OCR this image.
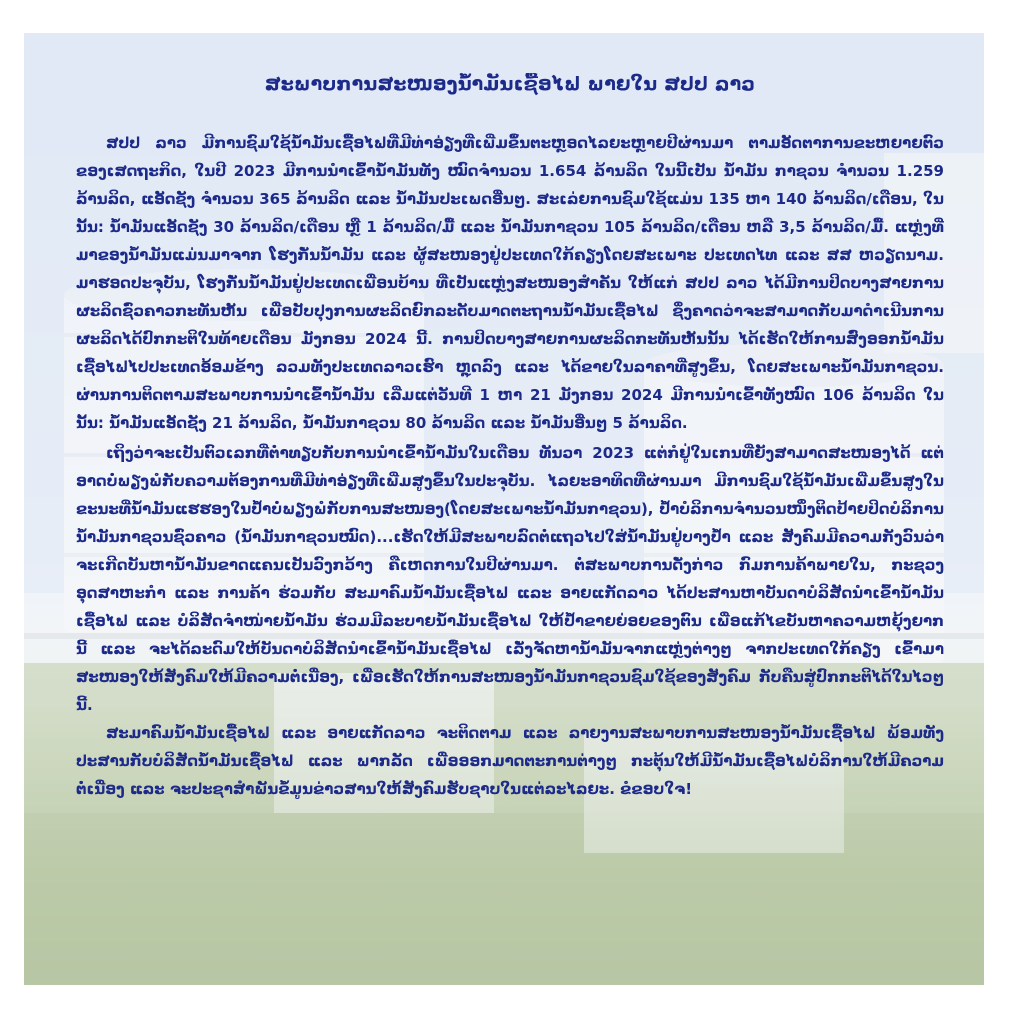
ສະພາບການສະໜອງນ້ຳມັນເຊື້ອໄຟ ພາຍໃນ ສປປ ລາວ

ສປປ ລາວ ມີການຊົມໃຊ້ນ້ຳມັນເຊື້ອໄຟທີ່ມີທ່າອ່ຽງທີ່ເພີ່ມຂຶ້ນຕະຫຼອດໄລຍະຫຼາຍປີຜ່ານມາ ຕາມອັດຕາການຂະຫຍາຍຕົວຂອງເສດຖະກິດ, ໃນປີ 2023 ມີການນຳເຂົ້ານ້ຳມັນທັງ ໝົດຈຳນວນ 1.654 ລ້ານລິດ ໃນນີ້ເປັນ ນ້ຳມັນ ກາຊວນ ຈຳນວນ 1.259 ລ້ານລິດ, ແອັດຊັງ ຈຳນວນ 365 ລ້ານລິດ ແລະ ນ້ຳມັນປະເພດອື່ນໆ. ສະເລ່ຍການຊົມໃຊ້ແມ່ນ 135 ຫາ 140 ລ້ານລິດ/ເດືອນ, ໃນນັ້ນ: ນ້ຳມັນແອັດຊັງ 30 ລ້ານລິດ/ເດືອນ ຫຼື 1 ລ້ານລິດ/ມື້ ແລະ ນ້ຳມັນກາຊວນ 105 ລ້ານລິດ/ເດືອນ ຫລື 3,5 ລ້ານລິດ/ມື້. ແຫຼ່ງທີ່ມາຂອງນ້ຳມັນແມ່ນມາຈາກ ໂຮງກັ່ນນ້ຳມັນ ແລະ ຜູ້ສະໜອງຢູ່ປະເທດໃກ້ຄຽງໂດຍສະເພາະ ປະເທດໄທ ແລະ ສສ ຫວຽດນາມ. ມາຮອດປະຈຸບັນ, ໂຮງກັ່ນນ້ຳມັນຢູ່ປະເທດເພື່ອນບ້ານ ທີ່ເປັນແຫຼ່ງສະໜອງສຳຄັນ ໃຫ້ແກ່ ສປປ ລາວ ໄດ້ມີການປິດບາງສາຍການຜະລິດຊົ່ວຄາວກະທັນຫັນ ເພື່ອປັບປຸງການຜະລິດຍົກລະດັບມາດຕະຖານນ້ຳມັນເຊື້ອໄຟ ຊຶ່ງຄາດວ່າຈະສາມາດກັບມາດຳເນີນການຜະລິດໄດ້ປົກກະຕິໃນທ້າຍເດືອນ ມັງກອນ 2024 ນີ້. ການປິດບາງສາຍການຜະລິດກະທັນຫັນນັ້ນ ໄດ້ເຮັດໃຫ້ການສົ່ງອອກນ້ຳມັນເຊື້ອໄຟໄປປະເທດອ້ອມຂ້າງ ລວມທັງປະເທດລາວເຮົາ ຫຼຸດລົງ ແລະ ໄດ້ຂາຍໃນລາຄາທີ່ສູງຂຶ້ນ, ໂດຍສະເພາະນ້ຳມັນກາຊວນ. ຜ່ານການຕິດຕາມສະພາບການນຳເຂົ້ານ້ຳມັນ ເລີ່ມແຕ່ວັນທີ 1 ຫາ 21 ມັງກອນ 2024 ມີການນຳເຂົ້າທັງໝົດ 106 ລ້ານລິດ ໃນນັ້ນ: ນ້ຳມັນແອັດຊັງ 21 ລ້ານລິດ, ນ້ຳມັນກາຊວນ 80 ລ້ານລິດ ແລະ ນ້ຳມັນອື່ນໆ 5 ລ້ານລິດ.

ເຖິງວ່າຈະເປັນຕົວເລກທີ່ຕ່ຳທຽບກັບການນຳເຂົ້ານ້ຳມັນໃນເດືອນ ທັນວາ 2023 ແຕ່ກໍຢູ່ໃນເກນທີ່ຍັງສາມາດສະໜອງໄດ້ ແຕ່ອາດບໍ່ພຽງພໍກັບຄວາມຕ້ອງການທີ່ມີທ່າອ່ຽງທີ່ເພີ່ມສູງຂຶ້ນໃນປະຈຸບັນ. ໄລຍະອາທິດທີ່ຜ່ານມາ ມີການຊົມໃຊ້ນ້ຳມັນເພີ່ມຂຶ້ນສູງໃນຂະນະທີ່ນ້ຳມັນແຮຮອງໃນປ້ຳບໍ່ພຽງພໍກັບການສະໜອງ(ໂດຍສະເພາະນ້ຳມັນກາຊວນ), ປ້ຳບໍລິການຈຳນວນໜຶ່ງຕິດປ້າຍປິດບໍລິການນ້ຳມັນກາຊວນຊົ່ວຄາວ (ນ້ຳມັນກາຊວນໝົດ)...ເຮັດໃຫ້ມີສະພາບລົດຕໍ່ແຖວໄປໃສ່ນ້ຳມັນຢູ່ບາງປ້ຳ ແລະ ສັງຄົມມີຄວາມກັງວົນວ່າຈະເກີດບັນຫານ້ຳມັນຂາດແຄນເປັນວົງກວ້າງ ຄືເຫດການໃນປີຜ່ານມາ. ຕໍ່ສະພາບການດັ່ງກ່າວ ກົມການຄ້າພາຍໃນ, ກະຊວງ ອຸດສາຫະກຳ ແລະ ການຄ້າ ຮ່ວມກັບ ສະມາຄົມນ້ຳມັນເຊື້ອໄຟ ແລະ ອາຍແກັດລາວ ໄດ້ປະສານຫາບັນດາບໍລິສັດນຳເຂົ້ານ້ຳມັນເຊື້ອໄຟ ແລະ ບໍລິສັດຈຳໜ່າຍນ້ຳມັນ ຮ່ວມມີລະບາຍນ້ຳມັນເຊື້ອໄຟ ໃຫ້ປ້ຳຂາຍຍ່ອຍຂອງຕົນ ເພື່ອແກ້ໄຂບັນຫາຄວາມຫຍຸ້ງຍາກນີ້ ແລະ ຈະໄດ້ລະດົມໃຫ້ບັນດາບໍລິສັດນຳເຂົ້ານ້ຳມັນເຊື້ອໄຟ ເລັ່ງຈັດຫານ້ຳມັນຈາກແຫຼ່ງຕ່າງໆ ຈາກປະເທດໃກ້ຄຽງ ເຂົ້າມາສະໜອງໃຫ້ສັງຄົມໃຫ້ມີຄວາມຕໍ່ເນື່ອງ, ເພື່ອເຮັດໃຫ້ການສະໜອງນ້ຳມັນກາຊວນຊົມໃຊ້ຂອງສັງຄົມ ກັບຄືນສູ່ປົກກະຕິໄດ້ໃນໄວໆນີ້.

ສະມາຄົມນ້ຳມັນເຊື້ອໄຟ ແລະ ອາຍແກັດລາວ ຈະຕິດຕາມ ແລະ ລາຍງານສະພາບການສະໜອງນ້ຳມັນເຊື້ອໄຟ ພ້ອມທັງປະສານກັບບໍລິສັດນ້ຳມັນເຊື້ອໄຟ ແລະ ພາກລັດ ເພື່ອອອກມາດຕະການຕ່າງໆ ກະຕຸ້ນໃຫ້ມີນ້ຳມັນເຊື້ອໄຟບໍລິການໃຫ້ມີຄວາມຕໍ່ເນື່ອງ ແລະ ຈະປະຊາສຳພັນຂໍ້ມູນຂ່າວສານໃຫ້ສັງຄົມຮັບຊາບໃນແຕ່ລະໄລຍະ. ຂໍຂອບໃຈ!
